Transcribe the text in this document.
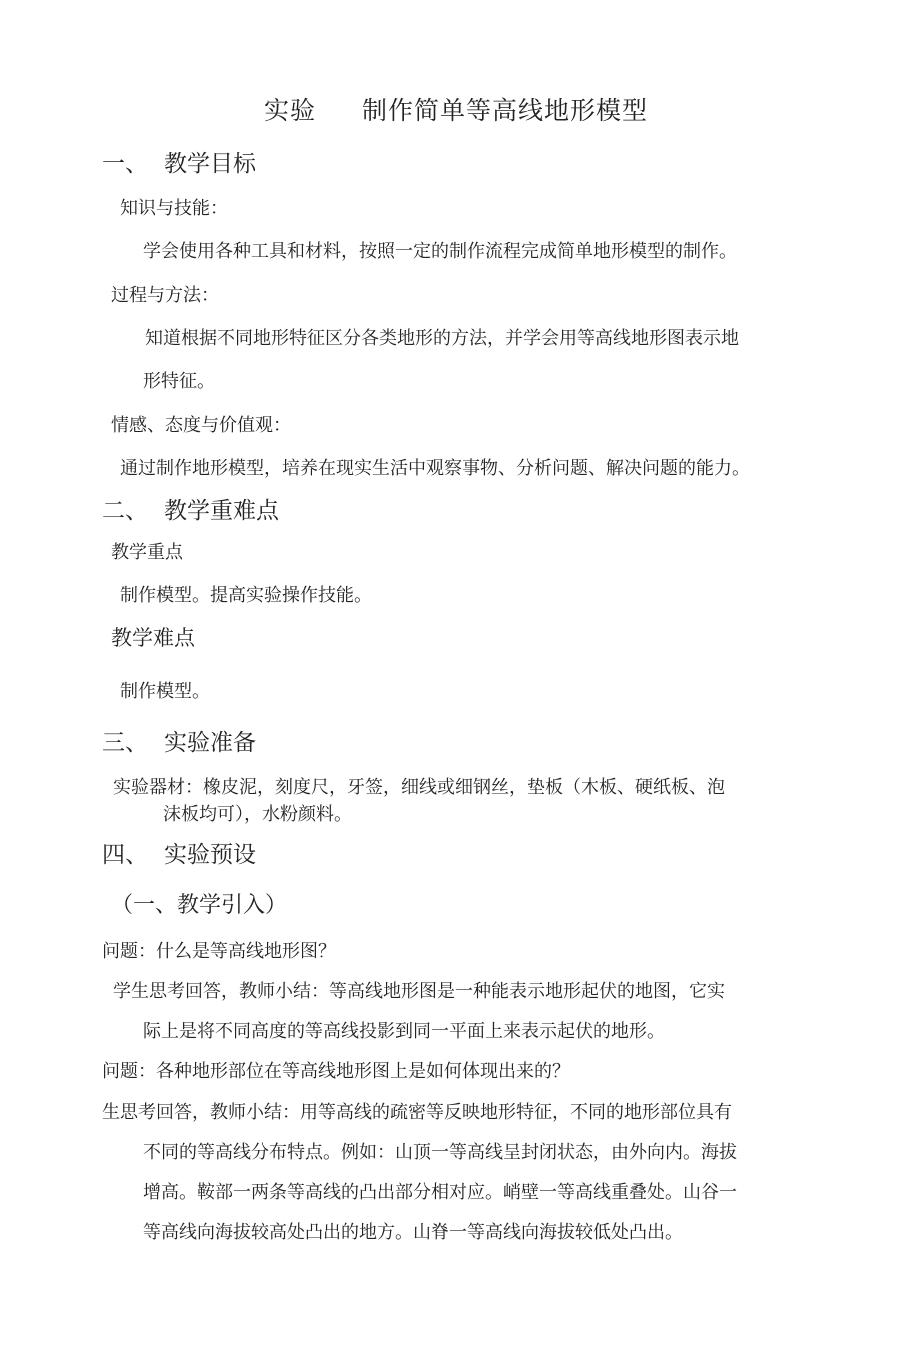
实验 制作简单等高线地形模型
一、 教学目标
知识与技能：
学会使用各种工具和材料，按照一定的制作流程完成简单地形模型的制作。
过程与方法：
知道根据不同地形特征区分各类地形的方法，并学会用等高线地形图表示地
形特征。
情感、态度与价值观：
通过制作地形模型，培养在现实生活中观察事物、分析问题、解决问题的能力。
二、 教学重难点
教学重点
制作模型。提高实验操作技能。
教学难点
制作模型。
三、 实验准备
实验器材：橡皮泥，刻度尺，牙签，细线或细钢丝，垫板（木板、硬纸板、泡
沫板均可），水粉颜料。
四、 实验预设
（一、教学引入）
问题：什么是等高线地形图？
学生思考回答，教师小结：等高线地形图是一种能表示地形起伏的地图，它实
际上是将不同高度的等高线投影到同一平面上来表示起伏的地形。
问题：各种地形部位在等高线地形图上是如何体现出来的？
生思考回答，教师小结：用等高线的疏密等反映地形特征，不同的地形部位具有
不同的等高线分布特点。例如：山顶一等高线呈封闭状态，由外向内。海拔
增高。鞍部一两条等高线的凸出部分相对应。峭壁一等高线重叠处。山谷一
等高线向海拔较高处凸出的地方。山脊一等高线向海拔较低处凸出。
